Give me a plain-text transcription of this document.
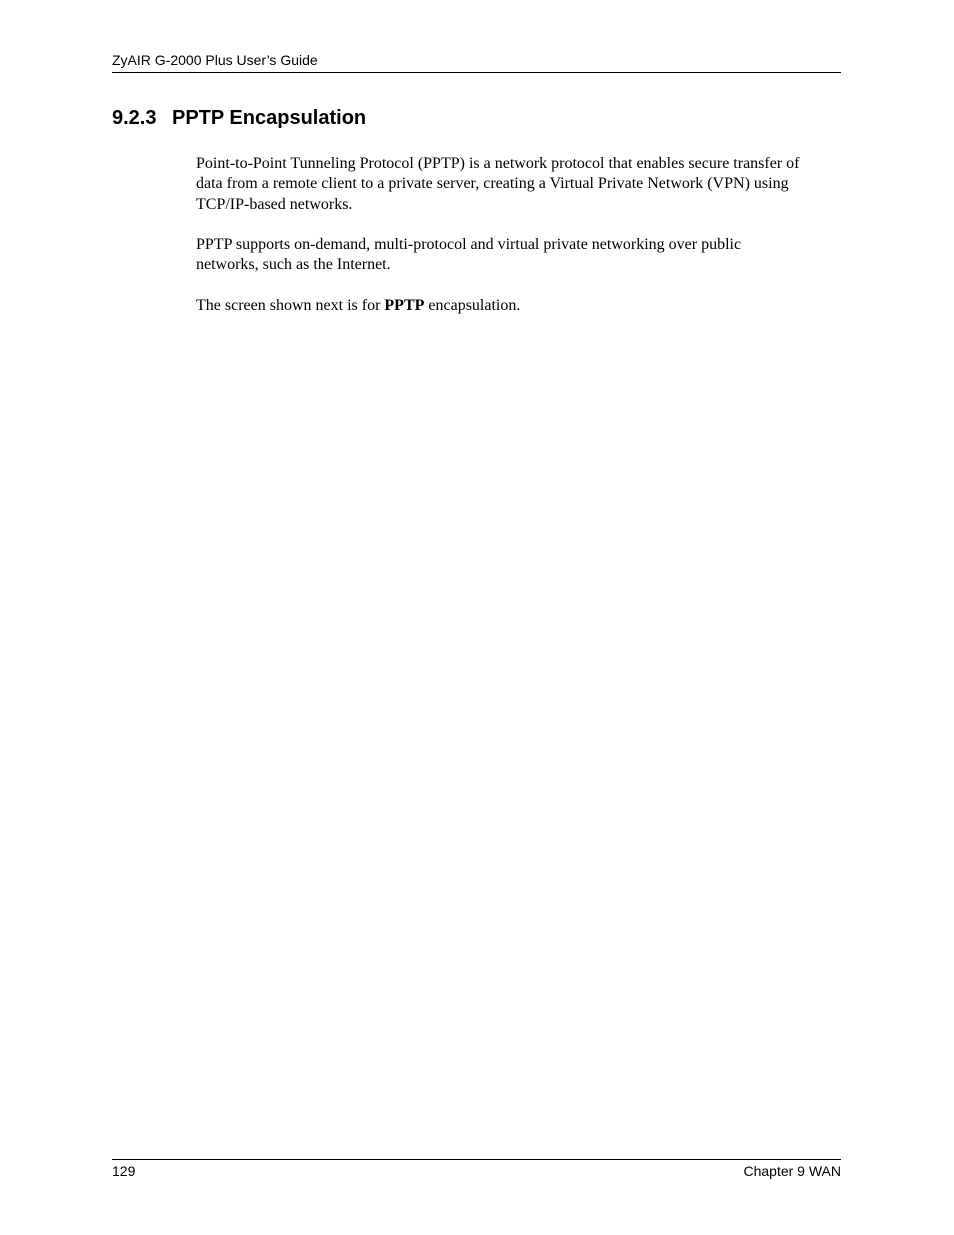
ZyAIR G-2000 Plus User’s Guide
9.2.3 PPTP Encapsulation

Point-to-Point Tunneling Protocol (PPTP) is a network protocol that enables secure transfer of
data from a remote client to a private server, creating a Virtual Private Network (VPN) using
TCP/IP-based networks.

PPTP supports on-demand, multi-protocol and virtual private networking over public
networks, such as the Internet.

The screen shown next is for PPTP encapsulation.

129	Chapter 9 WAN
